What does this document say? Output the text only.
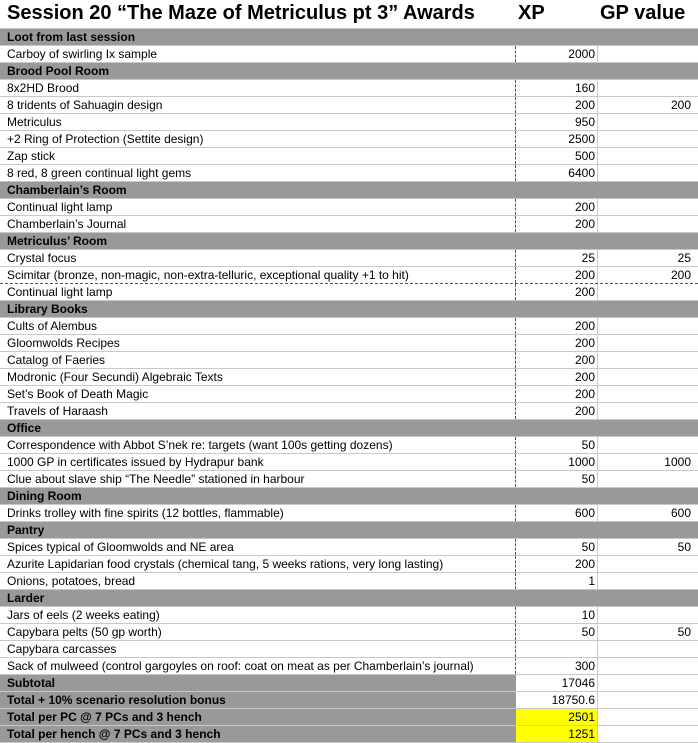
Session 20 “The Maze of Metriculus pt 3” Awards	XP	GP value
Loot from last session
Carboy of swirling Ix sample	2000
Brood Pool Room
8x2HD Brood	160
8 tridents of Sahuagin design	200	200
Metriculus	950
+2 Ring of Protection (Settite design)	2500
Zap stick	500
8 red, 8 green continual light gems	6400
Chamberlain’s Room
Continual light lamp	200
Chamberlain’s Journal	200
Metriculus’ Room
Crystal focus	25	25
Scimitar (bronze, non-magic, non-extra-telluric, exceptional quality +1 to hit)	200	200
Continual light lamp	200
Library Books
Cults of Alembus	200
Gloomwolds Recipes	200
Catalog of Faeries	200
Modronic (Four Secundi) Algebraic Texts	200
Set’s Book of Death Magic	200
Travels of Haraash	200
Office
Correspondence with Abbot S’nek re: targets (want 100s getting dozens)	50
1000 GP in certificates issued by Hydrapur bank	1000	1000
Clue about slave ship “The Needle” stationed in harbour	50
Dining Room
Drinks trolley with fine spirits (12 bottles, flammable)	600	600
Pantry
Spices typical of Gloomwolds and NE area	50	50
Azurite Lapidarian food crystals (chemical tang, 5 weeks rations, very long lasting)	200
Onions, potatoes, bread	1
Larder
Jars of eels (2 weeks eating)	10
Capybara pelts (50 gp worth)	50	50
Capybara carcasses
Sack of mulweed (control gargoyles on roof: coat on meat as per Chamberlain’s journal)	300
Subtotal	17046
Total + 10% scenario resolution bonus	18750.6
Total per PC @ 7 PCs and 3 hench	2501
Total per hench @ 7 PCs and 3 hench	1251
